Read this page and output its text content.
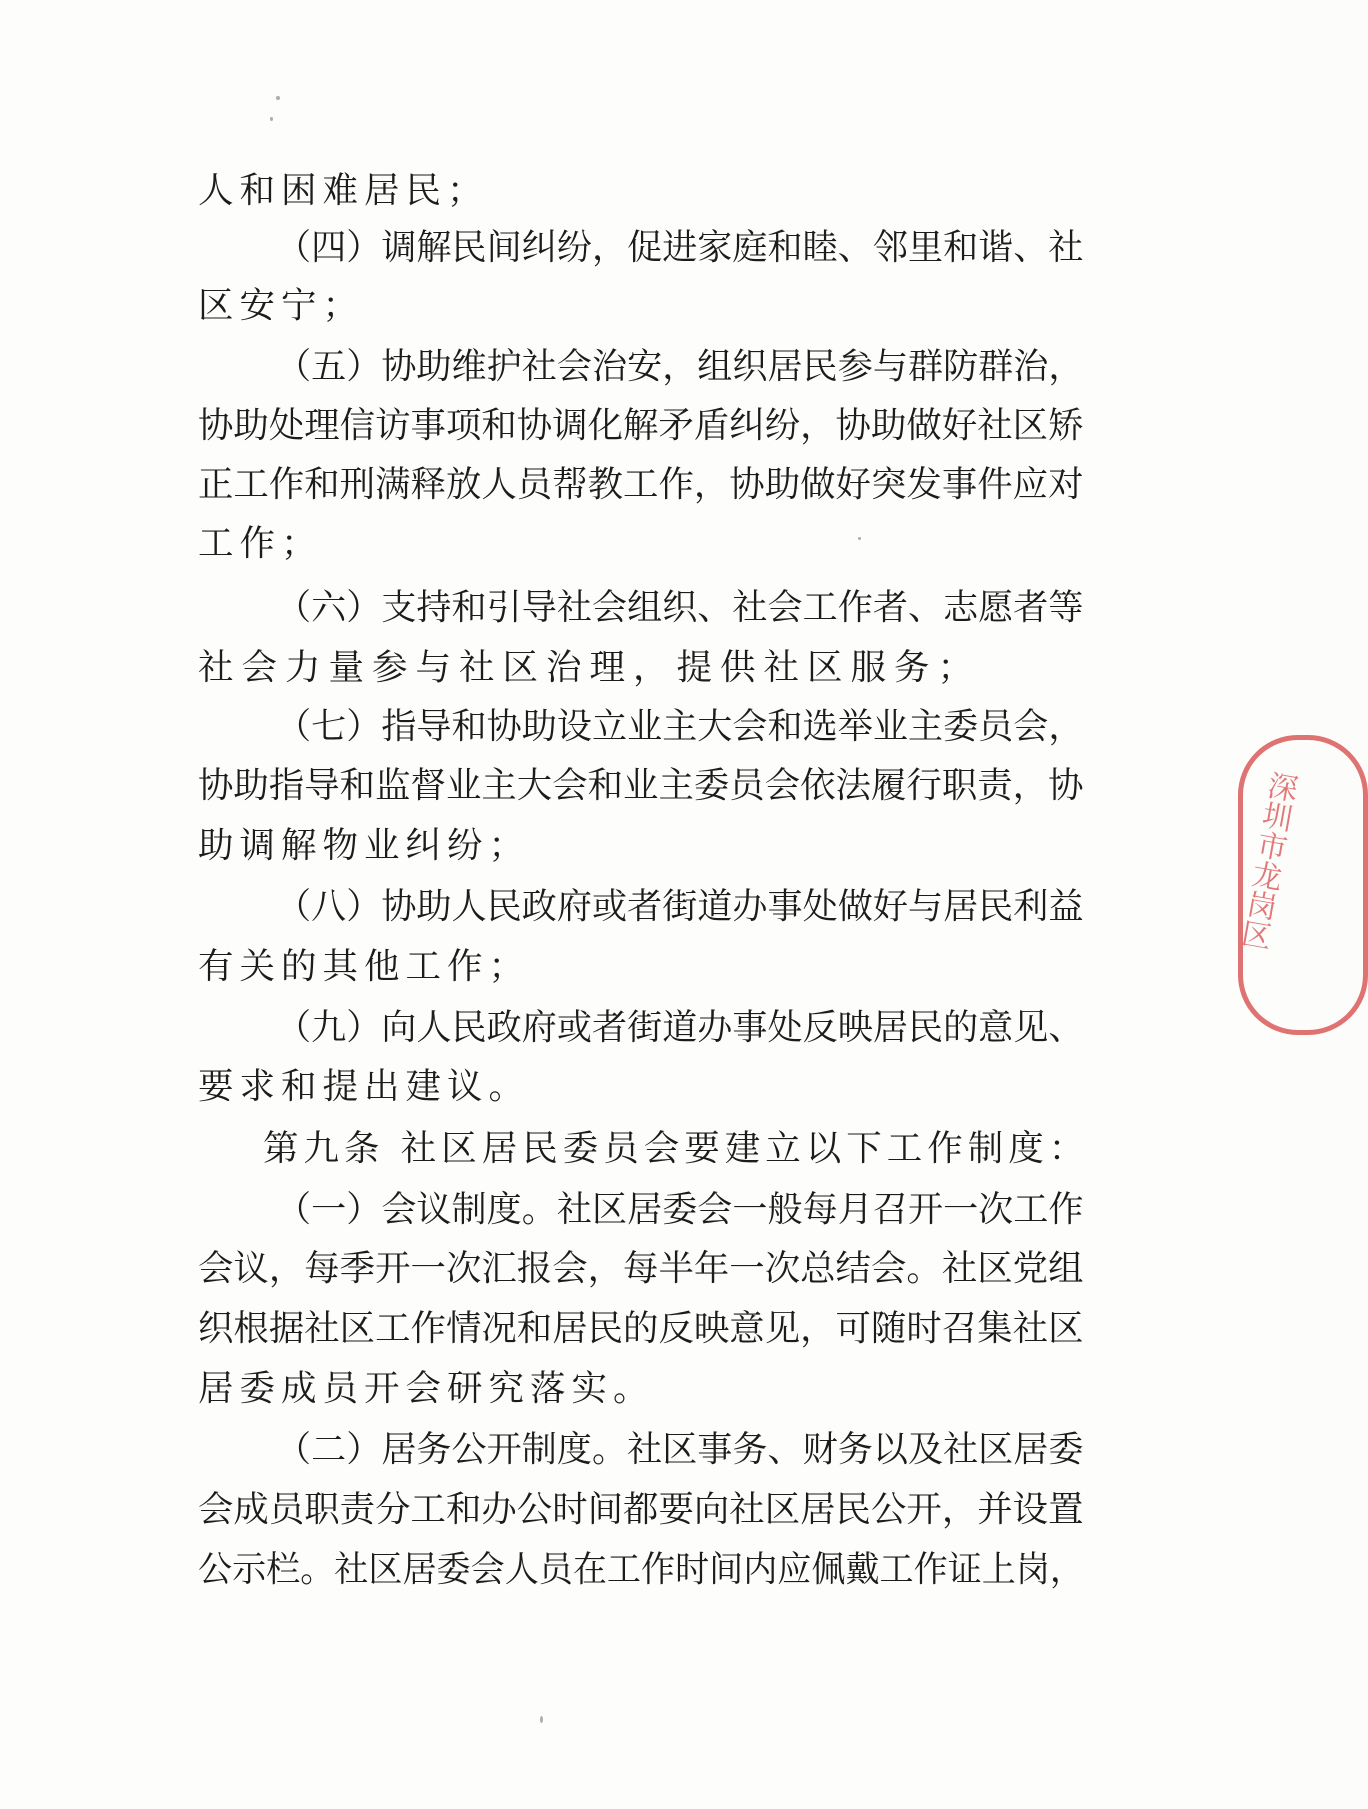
人和困难居民；
（四）调解民间纠纷，促进家庭和睦、邻里和谐、社
区安宁；
（五）协助维护社会治安，组织居民参与群防群治，
协助处理信访事项和协调化解矛盾纠纷，协助做好社区矫
正工作和刑满释放人员帮教工作，协助做好突发事件应对
工作；
（六）支持和引导社会组织、社会工作者、志愿者等
社会力量参与社区治理，提供社区服务；
（七）指导和协助设立业主大会和选举业主委员会，
协助指导和监督业主大会和业主委员会依法履行职责，协
助调解物业纠纷；
（八）协助人民政府或者街道办事处做好与居民利益
有关的其他工作；
（九）向人民政府或者街道办事处反映居民的意见、
要求和提出建议。
第九条 社区居民委员会要建立以下工作制度：
（一）会议制度。社区居委会一般每月召开一次工作
会议，每季开一次汇报会，每半年一次总结会。社区党组
织根据社区工作情况和居民的反映意见，可随时召集社区
居委成员开会研究落实。
（二）居务公开制度。社区事务、财务以及社区居委
会成员职责分工和办公时间都要向社区居民公开，并设置
公示栏。社区居委会人员在工作时间内应佩戴工作证上岗，
深圳市龙岗区
